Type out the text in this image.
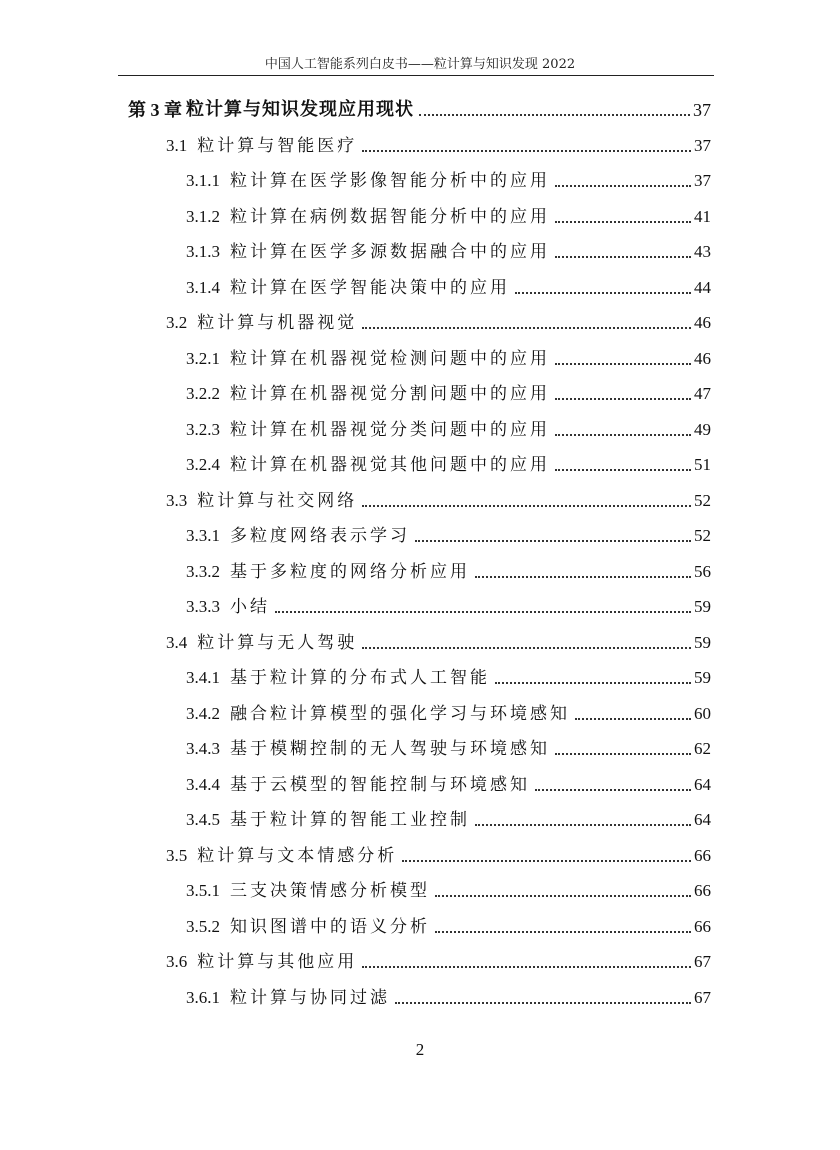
中国人工智能系列白皮书——粒计算与知识发现 2022
第 3 章 粒计算与知识发现应用现状	37
3.1 粒计算与智能医疗	37
3.1.1 粒计算在医学影像智能分析中的应用	37
3.1.2 粒计算在病例数据智能分析中的应用	41
3.1.3 粒计算在医学多源数据融合中的应用	43
3.1.4 粒计算在医学智能决策中的应用	44
3.2 粒计算与机器视觉	46
3.2.1 粒计算在机器视觉检测问题中的应用	46
3.2.2 粒计算在机器视觉分割问题中的应用	47
3.2.3 粒计算在机器视觉分类问题中的应用	49
3.2.4 粒计算在机器视觉其他问题中的应用	51
3.3 粒计算与社交网络	52
3.3.1 多粒度网络表示学习	52
3.3.2 基于多粒度的网络分析应用	56
3.3.3 小结	59
3.4 粒计算与无人驾驶	59
3.4.1 基于粒计算的分布式人工智能	59
3.4.2 融合粒计算模型的强化学习与环境感知	60
3.4.3 基于模糊控制的无人驾驶与环境感知	62
3.4.4 基于云模型的智能控制与环境感知	64
3.4.5 基于粒计算的智能工业控制	64
3.5 粒计算与文本情感分析	66
3.5.1 三支决策情感分析模型	66
3.5.2 知识图谱中的语义分析	66
3.6 粒计算与其他应用	67
3.6.1 粒计算与协同过滤	67
2
